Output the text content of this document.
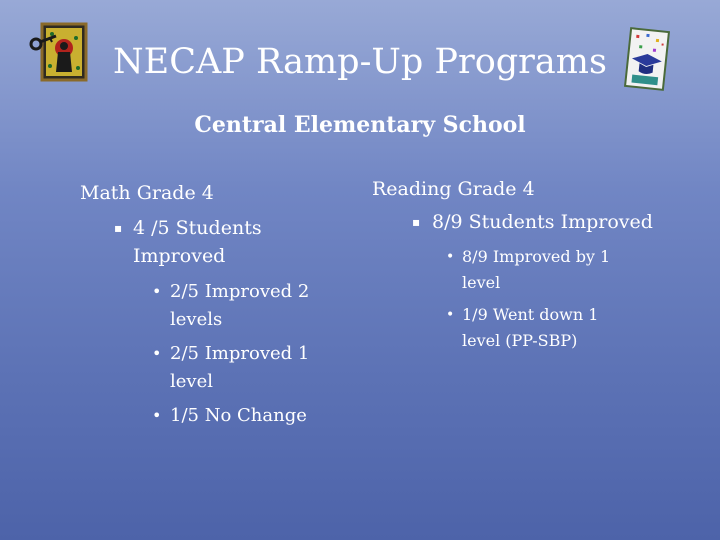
NECAP Ramp-Up Programs
Central Elementary School
Math Grade 4
▪ 4 /5 Students Improved
• 2/5 Improved 2 levels
• 2/5 Improved 1 level
• 1/5 No Change
Reading Grade 4
▪ 8/9 Students Improved
• 8/9 Improved by 1 level
• 1/9 Went down 1 level (PP-SBP)
